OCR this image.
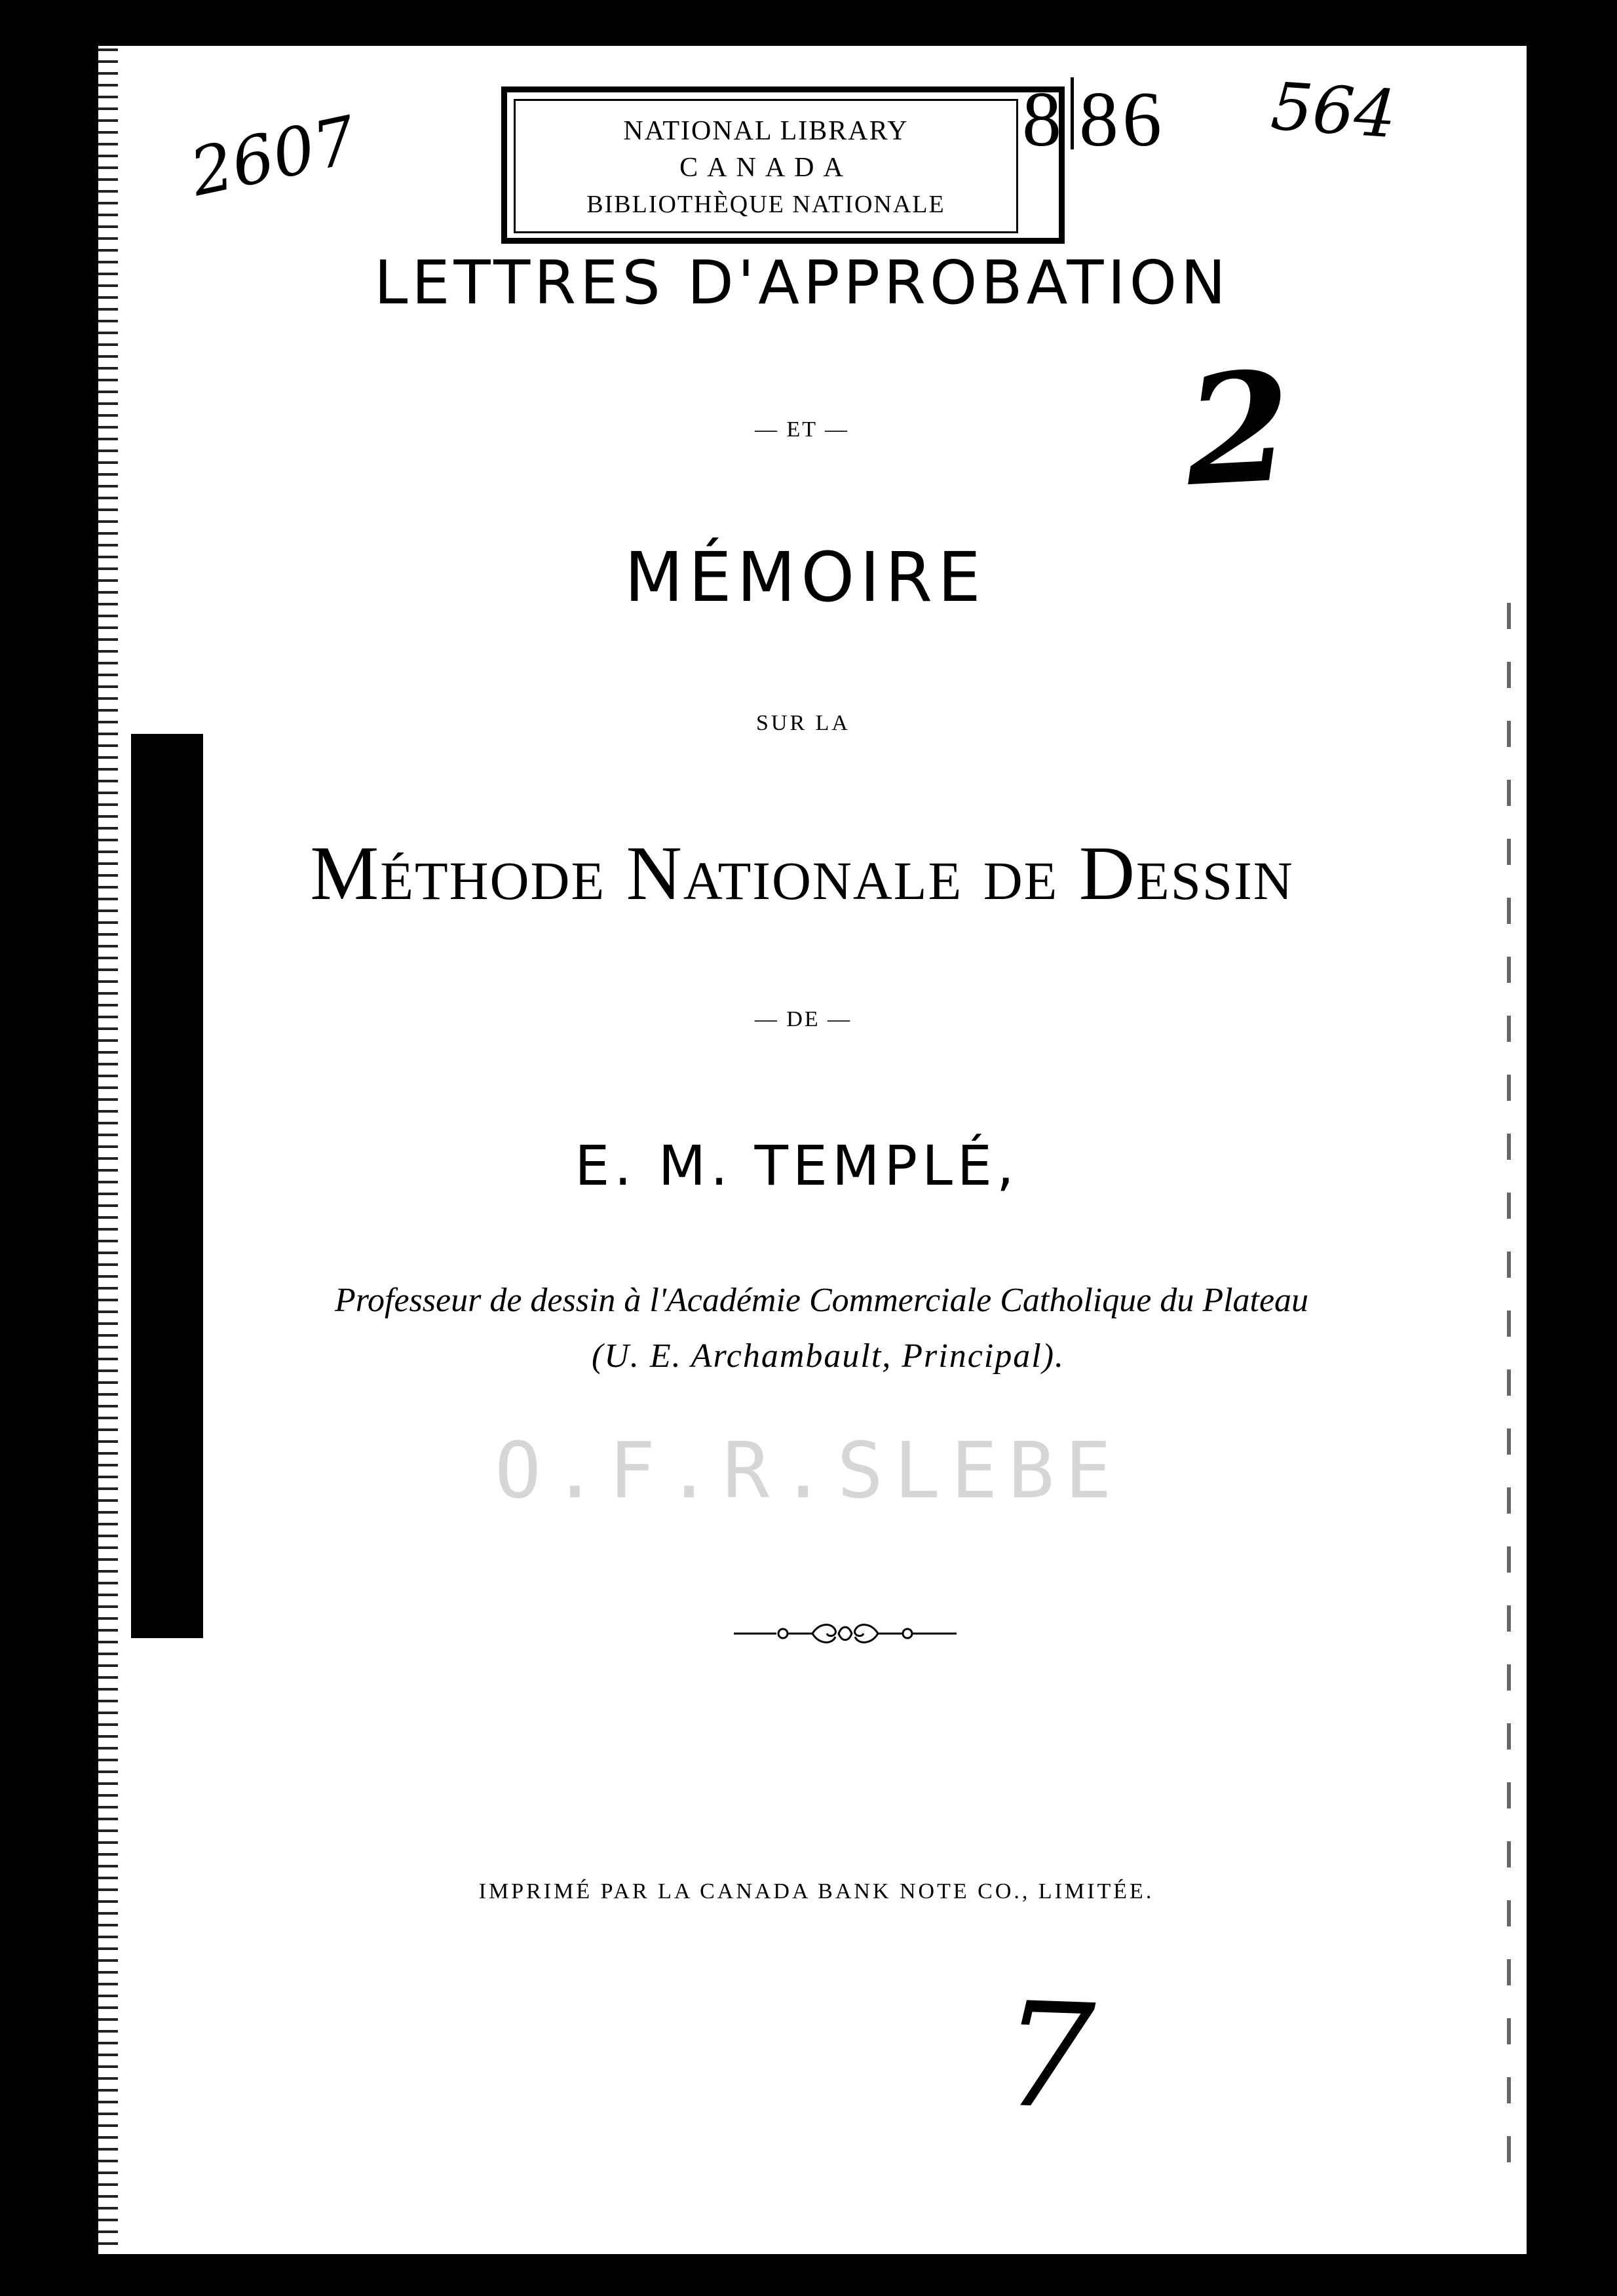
NATIONAL LIBRARY
CANADA
BIBLIOTHÈQUE NATIONALE
8 86
2607	564
2
7
LETTRES D'APPROBATION
— ET —
MÉMOIRE
SUR LA
Méthode Nationale de Dessin
— DE —
E. M. TEMPLÉ,
Professeur de dessin à l'Académie Commerciale Catholique du Plateau
(U. E. Archambault, Principal).
O.F.R.SLEBE
IMPRIMÉ PAR LA CANADA BANK NOTE CO., LIMITÉE.
